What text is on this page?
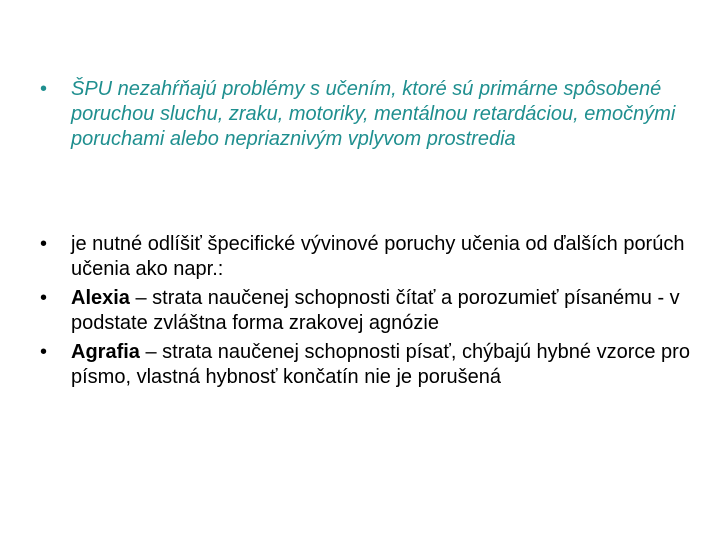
•	ŠPU nezahŕňajú problémy s učením, ktoré sú primárne spôsobené poruchou sluchu, zraku, motoriky, mentálnou retardáciou, emočnými poruchami alebo nepriaznivým vplyvom prostredia
•	je nutné odlíšiť špecifické vývinové poruchy učenia od ďalších porúch učenia ako napr.:
•	Alexia – strata naučenej schopnosti čítať a porozumieť písanému - v podstate zvláštna forma zrakovej agnózie
•	Agrafia – strata naučenej schopnosti písať, chýbajú hybné vzorce pro písmo, vlastná hybnosť končatín nie je porušená
